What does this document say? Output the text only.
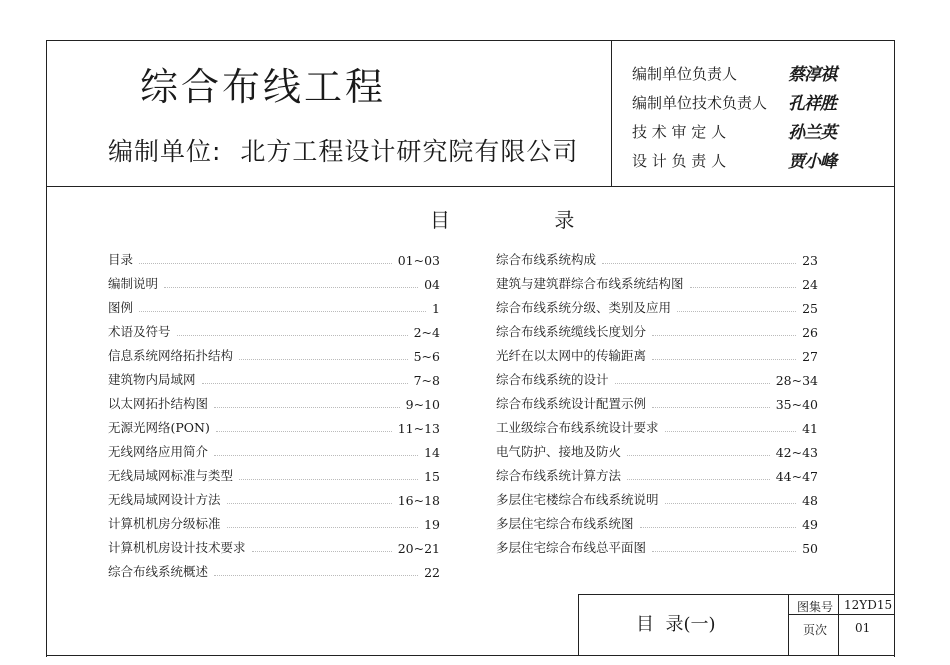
综合布线工程
编制单位: 北方工程设计研究院有限公司
编制单位负责人	蔡淳祺
编制单位技术负责人 孔祥胜
技 术 审 定 人	孙兰英
设 计 负 责 人	贾小峰
目 录
目录	01~03
编制说明	04
图例	1
术语及符号	2~4
信息系统网络拓扑结构	5~6
建筑物内局域网	7~8
以太网拓扑结构图	9~10
无源光网络(PON)	11~13
无线网络应用简介	14
无线局域网标准与类型	15
无线局域网设计方法	16~18
计算机机房分级标准	19
计算机机房设计技术要求	20~21
综合布线系统概述	22
综合布线系统构成	23
建筑与建筑群综合布线系统结构图	24
综合布线系统分级、类别及应用	25
综合布线系统缆线长度划分	26
光纤在以太网中的传输距离	27
综合布线系统的设计	28~34
综合布线系统设计配置示例	35~40
工业级综合布线系统设计要求	41
电气防护、接地及防火	42~43
综合布线系统计算方法	44~47
多层住宅楼综合布线系统说明	48
多层住宅综合布线系统图	49
多层住宅综合布线总平面图	50
目  录(一)
图集号 12YD15
页次 01
